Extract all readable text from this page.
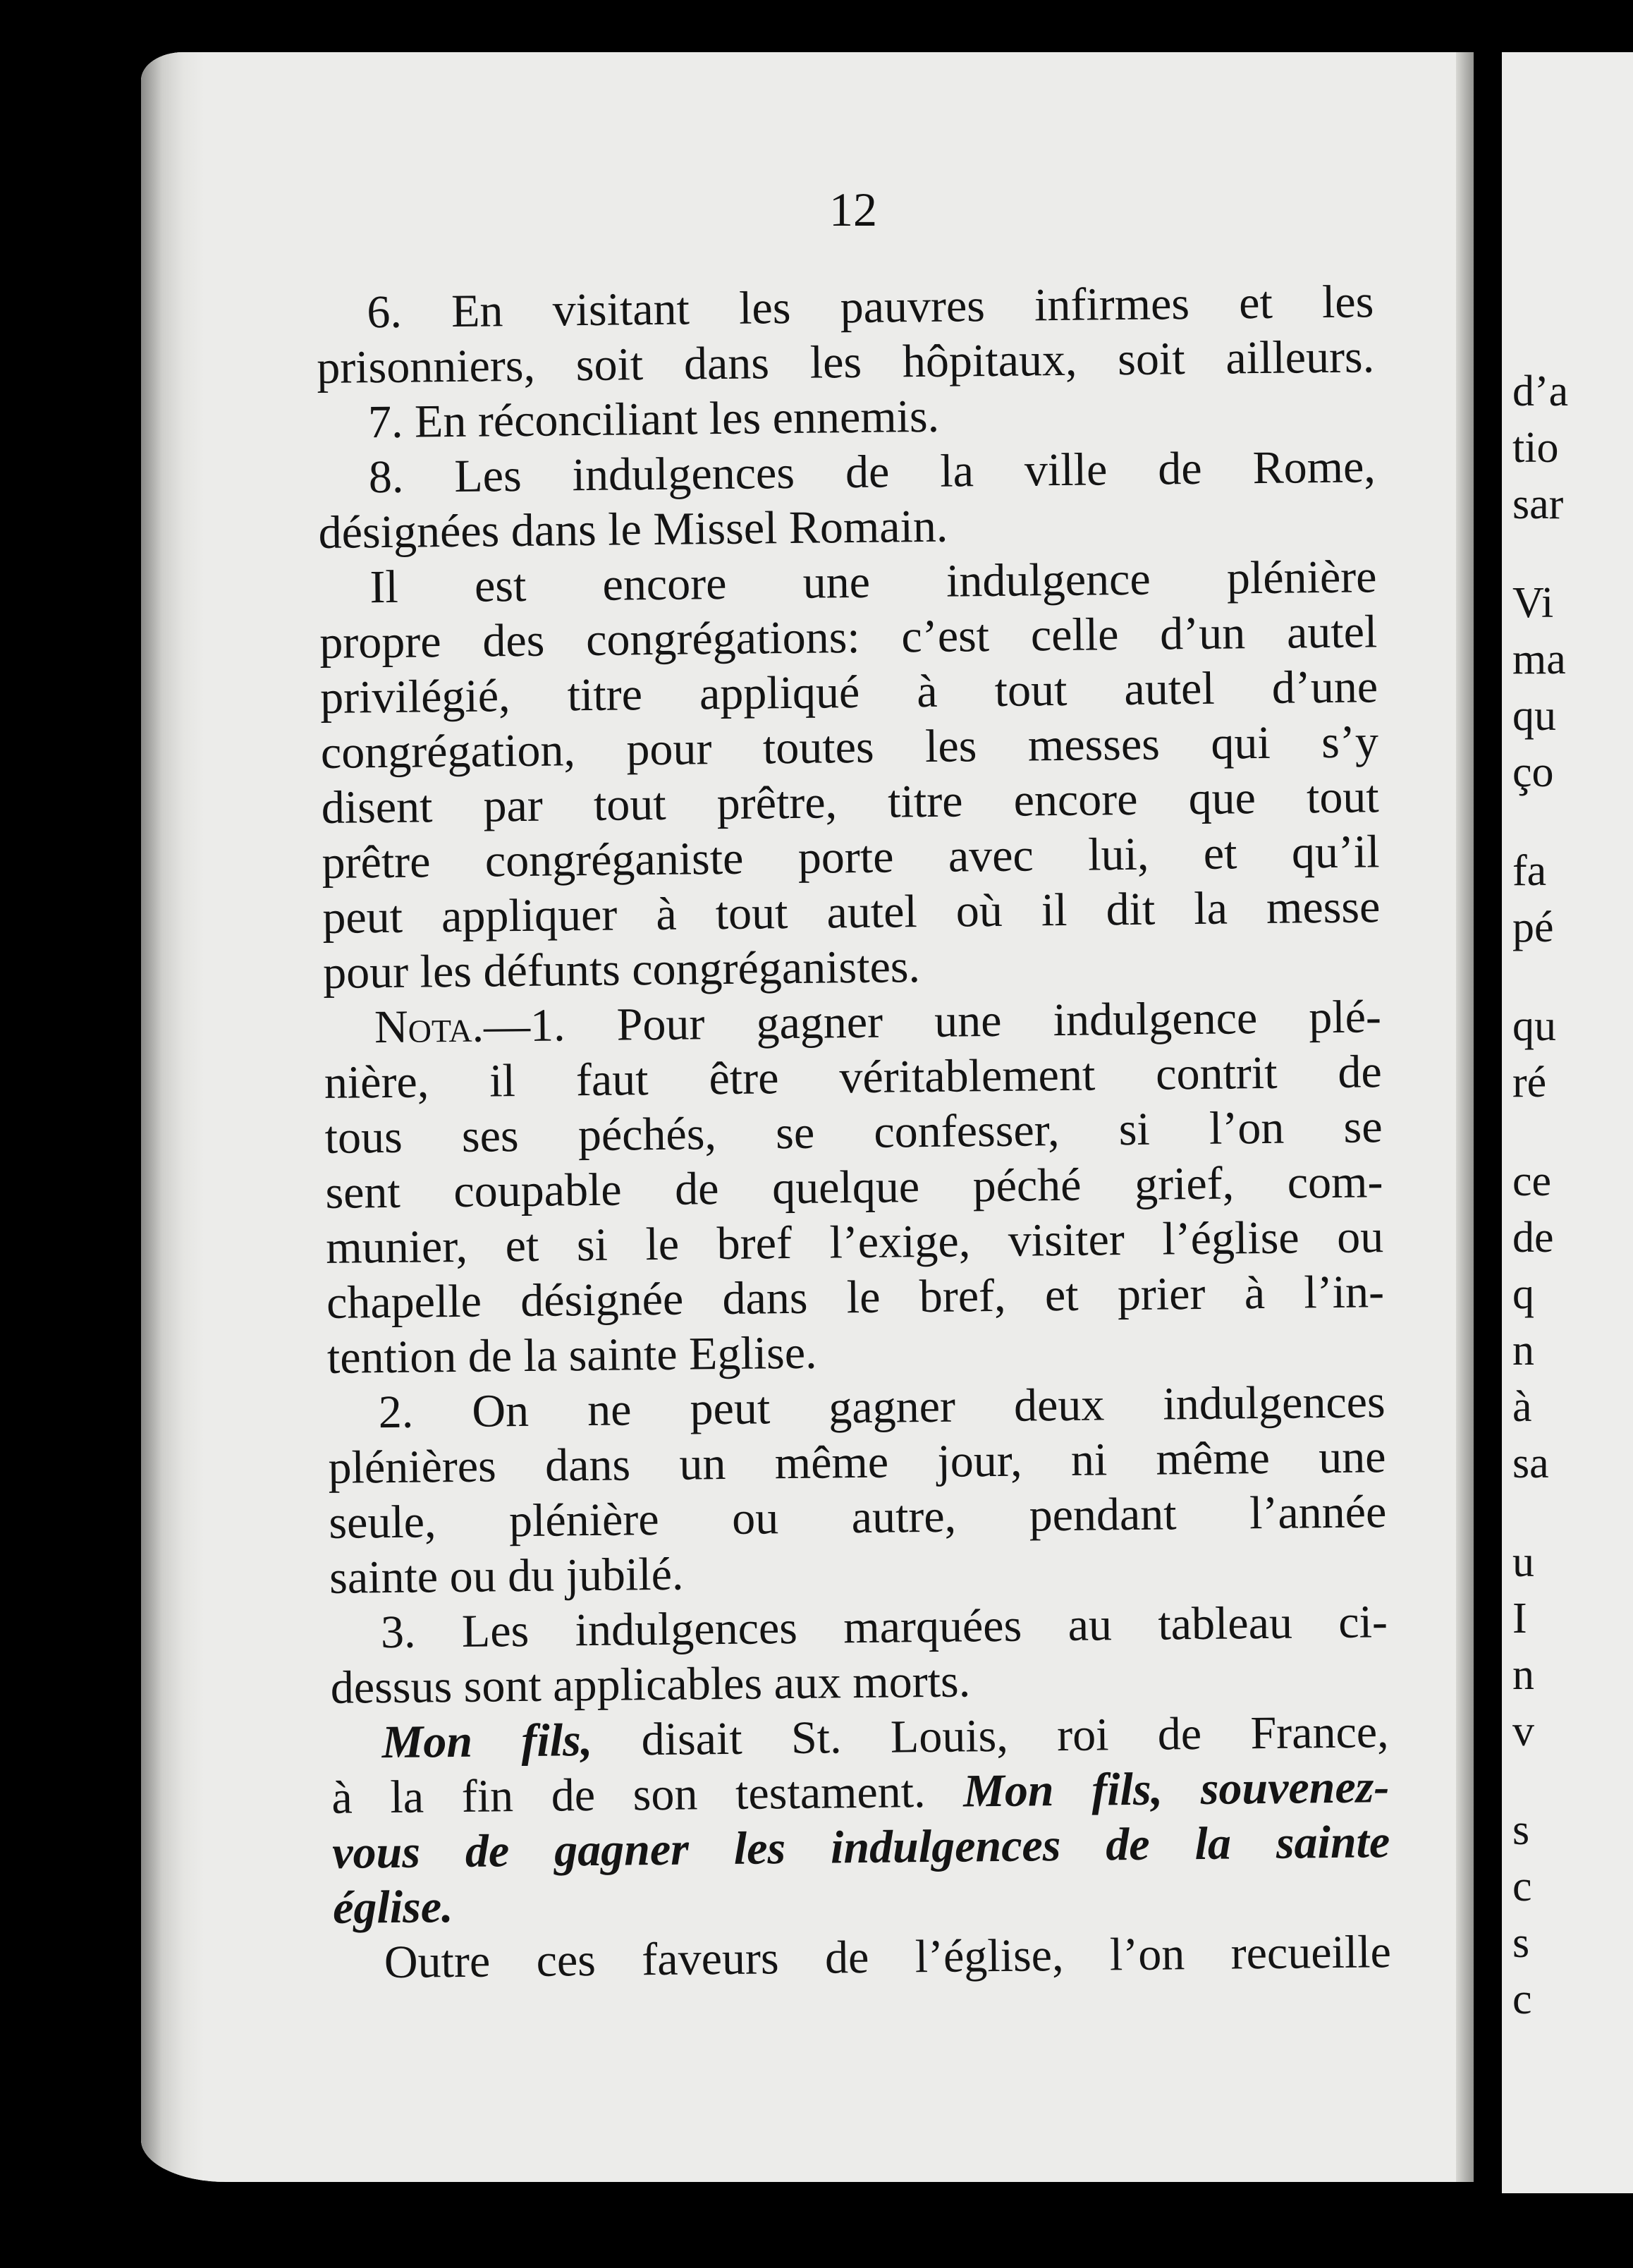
12
6. En visitant les pauvres infirmes et les
prisonniers, soit dans les hôpitaux, soit ailleurs.
7. En réconciliant les ennemis.
8. Les indulgences de la ville de Rome,
désignées dans le Missel Romain.
Il est encore une indulgence plénière
propre des congrégations: c’est celle d’un autel
privilégié, titre appliqué à tout autel d’une
congrégation, pour toutes les messes qui s’y
disent par tout prêtre, titre encore que tout
prêtre congréganiste porte avec lui, et qu’il
peut appliquer à tout autel où il dit la messe
pour les défunts congréganistes.
Nota.—1. Pour gagner une indulgence plé-
nière, il faut être véritablement contrit de
tous ses péchés, se confesser, si l’on se
sent coupable de quelque péché grief, com-
munier, et si le bref l’exige, visiter l’église ou
chapelle désignée dans le bref, et prier à l’in-
tention de la sainte Eglise.
2. On ne peut gagner deux indulgences
plénières dans un même jour, ni même une
seule, plénière ou autre, pendant l’année
sainte ou du jubilé.
3. Les indulgences marquées au tableau ci-
dessus sont applicables aux morts.
Mon fils, disait St. Louis, roi de France,
à la fin de son testament. Mon fils, souvenez-
vous de gagner les indulgences de la sainte
église.
Outre ces faveurs de l’église, l’on recueille
d’a
tio
sar
Vi
ma
qu
ço
fa
pé
qu
ré
ce
de
q
n
à
sa
u
I
n
v
s
c
s
c
